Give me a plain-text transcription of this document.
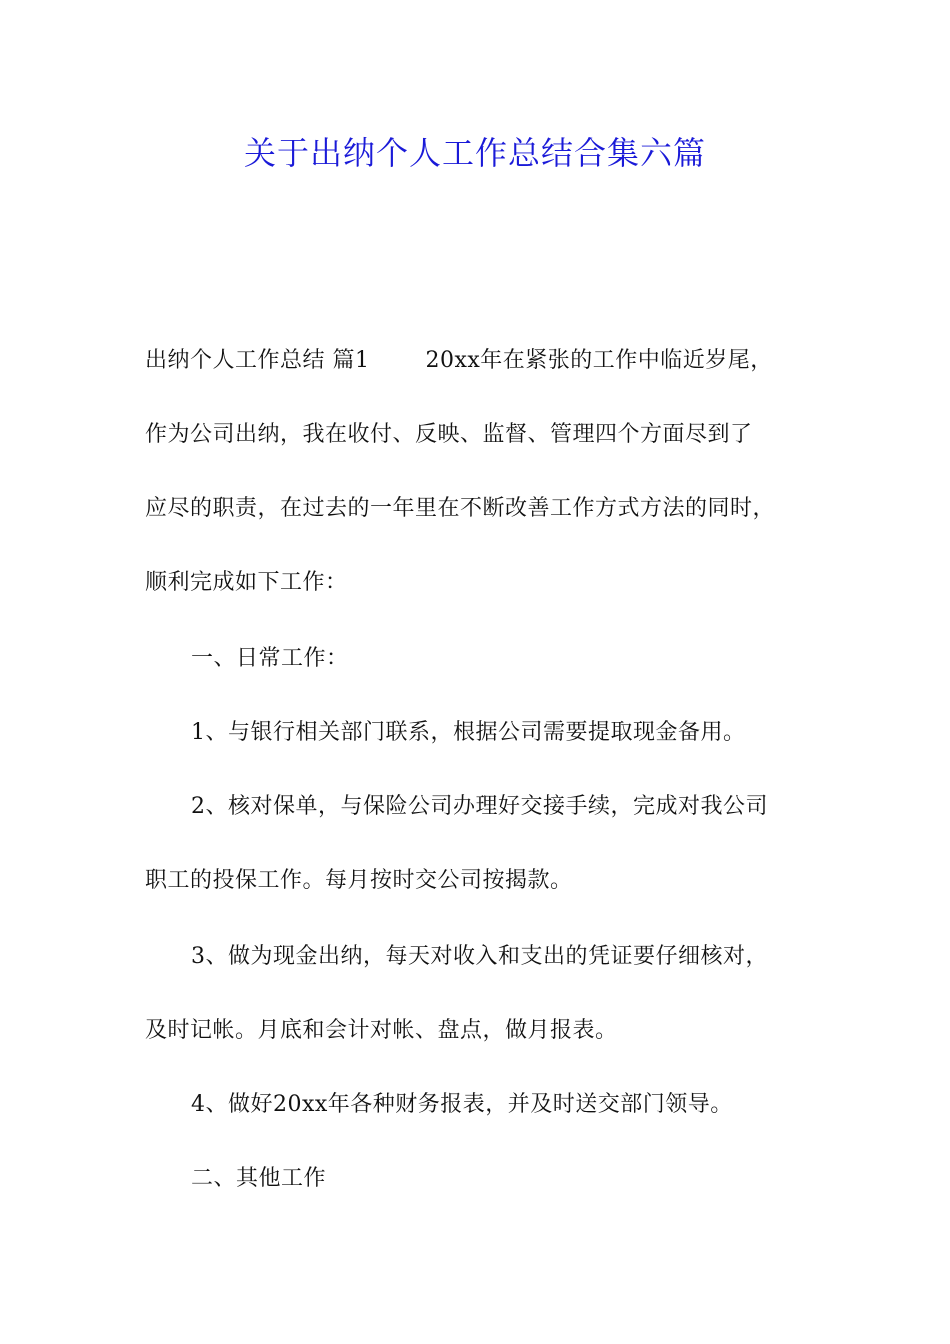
关于出纳个人工作总结合集六篇
出纳个人工作总结 篇1	20xx年在紧张的工作中临近岁尾，
作为公司出纳，我在收付、反映、监督、管理四个方面尽到了
应尽的职责，在过去的一年里在不断改善工作方式方法的同时，
顺利完成如下工作：
一、日常工作：
1、与银行相关部门联系，根据公司需要提取现金备用。
2、核对保单，与保险公司办理好交接手续，完成对我公司
职工的投保工作。每月按时交公司按揭款。
3、做为现金出纳，每天对收入和支出的凭证要仔细核对，
及时记帐。月底和会计对帐、盘点，做月报表。
4、做好20xx年各种财务报表，并及时送交部门领导。
二、其他工作
